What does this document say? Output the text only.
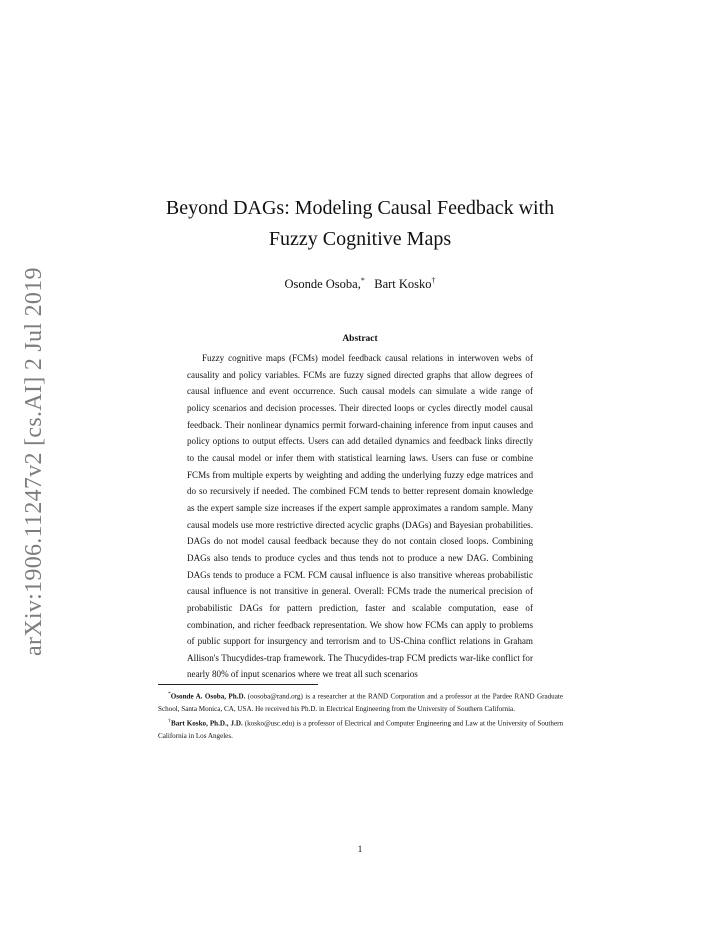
arXiv:1906.11247v2 [cs.AI] 2 Jul 2019
Beyond DAGs: Modeling Causal Feedback with
Fuzzy Cognitive Maps
Osonde Osoba,* Bart Kosko†
Abstract

Fuzzy cognitive maps (FCMs) model feedback causal relations in interwoven webs of causality and policy variables. FCMs are fuzzy signed directed graphs that allow degrees of causal influence and event occurrence. Such causal models can simulate a wide range of policy scenarios and decision processes. Their directed loops or cycles directly model causal feedback. Their nonlinear dynamics permit forward-chaining inference from input causes and policy options to output effects. Users can add detailed dynamics and feedback links directly to the causal model or infer them with statistical learning laws. Users can fuse or combine FCMs from multiple experts by weighting and adding the underlying fuzzy edge matrices and do so recursively if needed. The combined FCM tends to better represent domain knowledge as the expert sample size increases if the expert sample approximates a random sample. Many causal models use more restrictive directed acyclic graphs (DAGs) and Bayesian probabilities. DAGs do not model causal feedback because they do not contain closed loops. Combining DAGs also tends to produce cycles and thus tends not to produce a new DAG. Combining DAGs tends to produce a FCM. FCM causal influence is also transitive whereas probabilistic causal influence is not transitive in general. Overall: FCMs trade the numerical precision of probabilistic DAGs for pattern prediction, faster and scalable computation, ease of combination, and richer feedback representation. We show how FCMs can apply to problems of public support for insurgency and terrorism and to US-China conflict relations in Graham Allison's Thucydides-trap framework. The Thucydides-trap FCM predicts war-like conflict for nearly 80% of input scenarios where we treat all such scenarios

*Osonde A. Osoba, Ph.D. (oosoba@rand.org) is a researcher at the RAND Corporation and a professor at the Pardee RAND Graduate School, Santa Monica, CA, USA. He received his Ph.D. in Electrical Engineering from the University of Southern California.

†Bart Kosko, Ph.D., J.D. (kosko@usc.edu) is a professor of Electrical and Computer Engineering and Law at the University of Southern California in Los Angeles.

1
